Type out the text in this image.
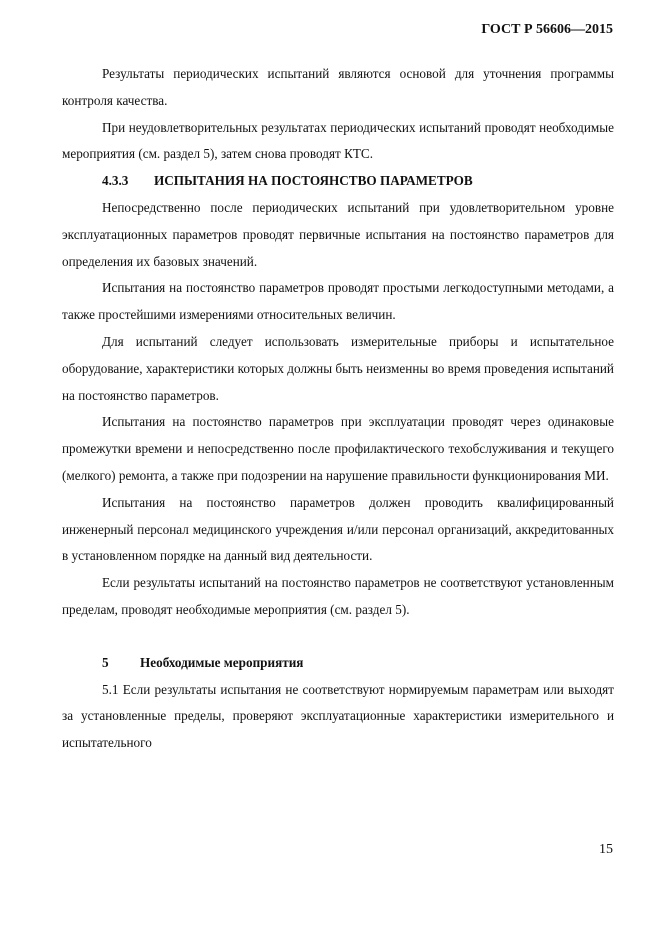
ГОСТ Р 56606—2015

Результаты периодических испытаний являются основой для уточнения программы контроля качества.

При неудовлетворительных результатах периодических испытаний проводят необходимые мероприятия (см. раздел 5), затем снова проводят КТС.

4.3.3 ИСПЫТАНИЯ НА ПОСТОЯНСТВО ПАРАМЕТРОВ

Непосредственно после периодических испытаний при удовлетворительном уровне эксплуатационных параметров проводят первичные испытания на постоянство параметров для определения их базовых значений.

Испытания на постоянство параметров проводят простыми легкодоступными методами, а также простейшими измерениями относительных величин.

Для испытаний следует использовать измерительные приборы и испытательное оборудование, характеристики которых должны быть неизменны во время проведения испытаний на постоянство параметров.

Испытания на постоянство параметров при эксплуатации проводят через одинаковые промежутки времени и непосредственно после профилактического техобслуживания и текущего (мелкого) ремонта, а также при подозрении на нарушение правильности функционирования МИ.

Испытания на постоянство параметров должен проводить квалифицированный инженерный персонал медицинского учреждения и/или персонал организаций, аккредитованных в установленном порядке на данный вид деятельности.

Если результаты испытаний на постоянство параметров не соответствуют установленным пределам, проводят необходимые мероприятия (см. раздел 5).

5 Необходимые мероприятия

5.1 Если результаты испытания не соответствуют нормируемым параметрам или выходят за установленные пределы, проверяют эксплуатационные характеристики измерительного и испытательного

15
